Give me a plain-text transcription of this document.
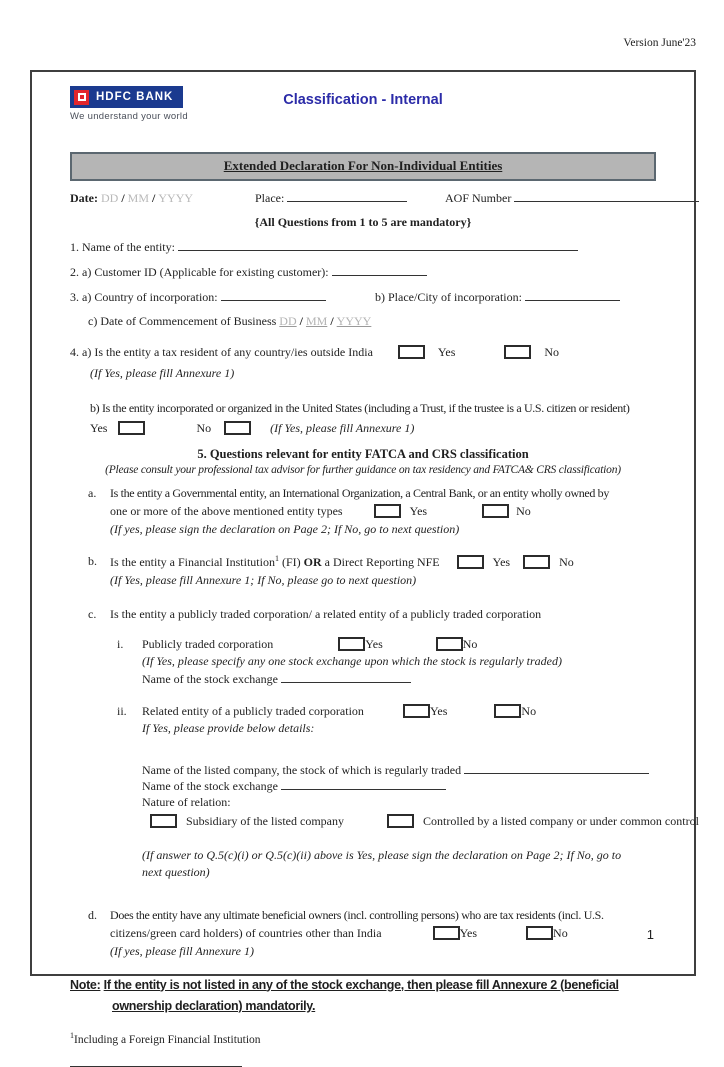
Version June'23
HDFC BANK
We understand your world
Classification - Internal
Extended Declaration For Non-Individual Entities
Date: DD / MM / YYYY	Place:	AOF Number
{All Questions from 1 to 5 are mandatory}
1. Name of the entity:
2. a) Customer ID (Applicable for existing customer):
3. a) Country of incorporation:	b) Place/City of incorporation:
c) Date of Commencement of Business DD / MM / YYYY
4. a) Is the entity a tax resident of any country/ies outside India	Yes	No
(If Yes, please fill Annexure 1)
b) Is the entity incorporated or organized in the United States (including a Trust, if the trustee is a U.S. citizen or resident)
Yes	No	(If Yes, please fill Annexure 1)
5. Questions relevant for entity FATCA and CRS classification
(Please consult your professional tax advisor for further guidance on tax residency and FATCA& CRS classification)
a.	Is the entity a Governmental entity, an International Organization, a Central Bank, or an entity wholly owned by
one or more of the above mentioned entity types	Yes	No
(If yes, please sign the declaration on Page 2; If No, go to next question)
b.	Is the entity a Financial Institution$^1$ (FI) OR a Direct Reporting NFE	Yes	No
(If Yes, please fill Annexure 1; If No, please go to next question)
c.	Is the entity a publicly traded corporation/ a related entity of a publicly traded corporation
i.	Publicly traded corporation	Yes	No
(If Yes, please specify any one stock exchange upon which the stock is regularly traded)
Name of the stock exchange
ii.	Related entity of a publicly traded corporation	Yes	No
If Yes, please provide below details:
Name of the listed company, the stock of which is regularly traded
Name of the stock exchange
Nature of relation:
Subsidiary of the listed company	Controlled by a listed company or under common control
(If answer to Q.5(c)(i) or Q.5(c)(ii) above is Yes, please sign the declaration on Page 2; If No, go to next question)
d.	Does the entity have any ultimate beneficial owners (incl. controlling persons) who are tax residents (incl. U.S.
citizens/green card holders) of countries other than India	Yes	No
(If yes, please fill Annexure 1)
Note: If the entity is not listed in any of the stock exchange, then please fill Annexure 2 (beneficial ownership declaration) mandatorily.
$^1$Including a Foreign Financial Institution
1
